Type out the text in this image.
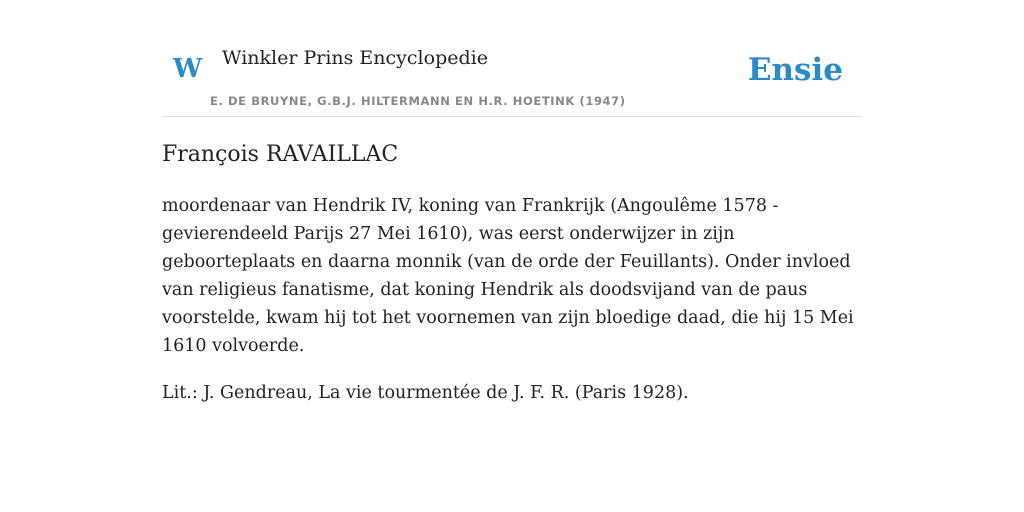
W Winkler Prins Encyclopedie
E. DE BRUYNE, G.B.J. HILTERMANN EN H.R. HOETINK (1947)
Ensie
François RAVAILLAC

moordenaar van Hendrik IV, koning van Frankrijk (Angoulême 1578 - gevierendeeld Parijs 27 Mei 1610), was eerst onderwijzer in zijn geboorteplaats en daarna monnik (van de orde der Feuillants). Onder invloed van religieus fanatisme, dat koning Hendrik als doodsvijand van de paus voorstelde, kwam hij tot het voornemen van zijn bloedige daad, die hij 15 Mei 1610 volvoerde.

Lit.: J. Gendreau, La vie tourmentée de J. F. R. (Paris 1928).
